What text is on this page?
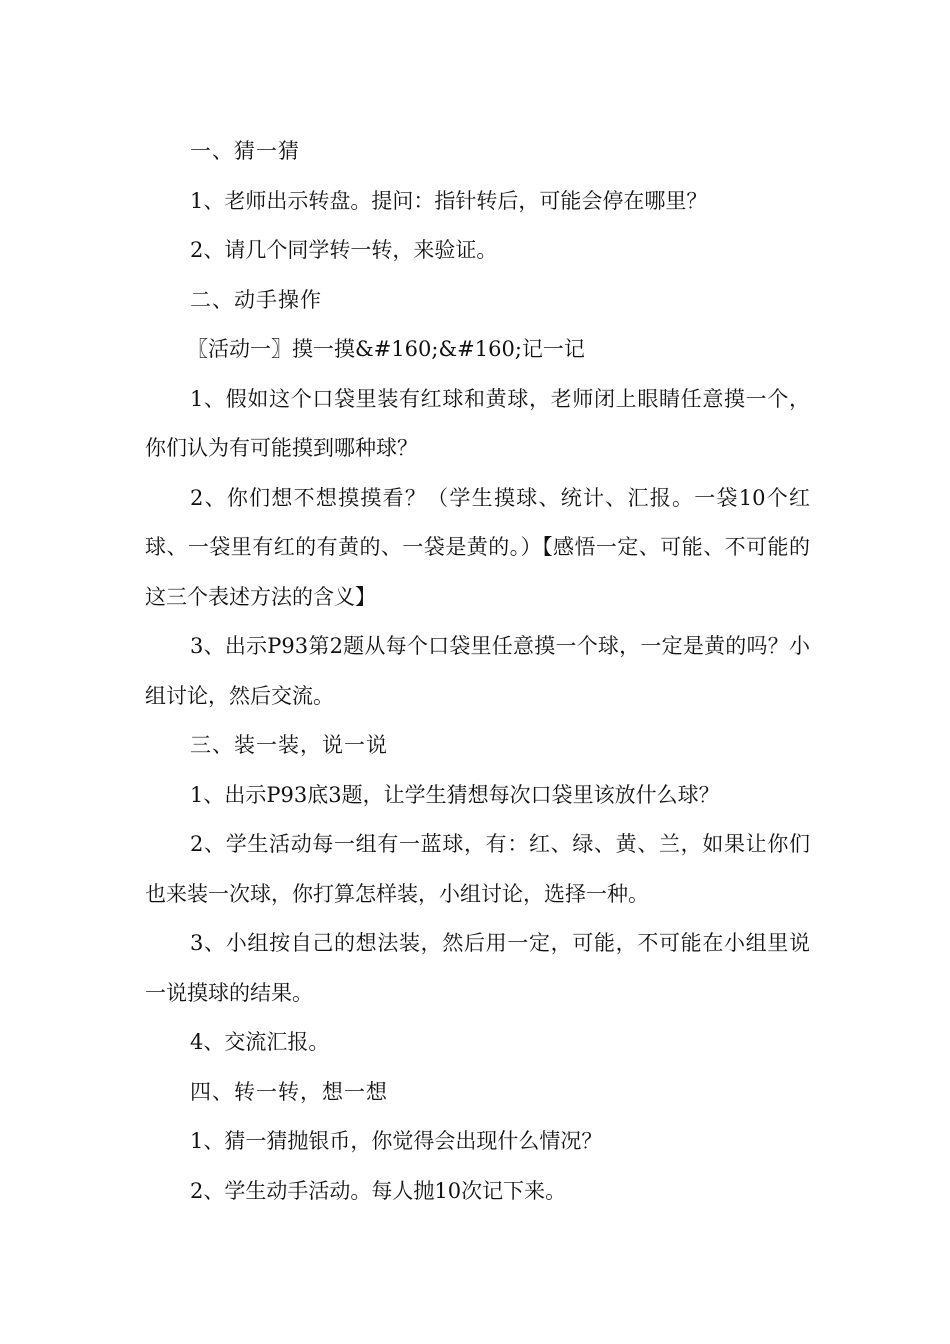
一、猜一猜

1、老师出示转盘。提问：指针转后，可能会停在哪里？

2、请几个同学转一转，来验证。

二、动手操作

〖活动一〗摸一摸&#160;&#160;记一记

1、假如这个口袋里装有红球和黄球，老师闭上眼睛任意摸一个，你们认为有可能摸到哪种球？

2、你们想不想摸摸看？（学生摸球、统计、汇报。一袋10个红球、一袋里有红的有黄的、一袋是黄的。）【感悟一定、可能、不可能的这三个表述方法的含义】

3、出示P93第2题从每个口袋里任意摸一个球，一定是黄的吗？小组讨论，然后交流。

三、装一装，说一说

1、出示P93底3题，让学生猜想每次口袋里该放什么球？

2、学生活动每一组有一蓝球，有：红、绿、黄、兰，如果让你们也来装一次球，你打算怎样装，小组讨论，选择一种。

3、小组按自己的想法装，然后用一定，可能，不可能在小组里说一说摸球的结果。

4、交流汇报。

四、转一转，想一想

1、猜一猜抛银币，你觉得会出现什么情况？

2、学生动手活动。每人抛10次记下来。
